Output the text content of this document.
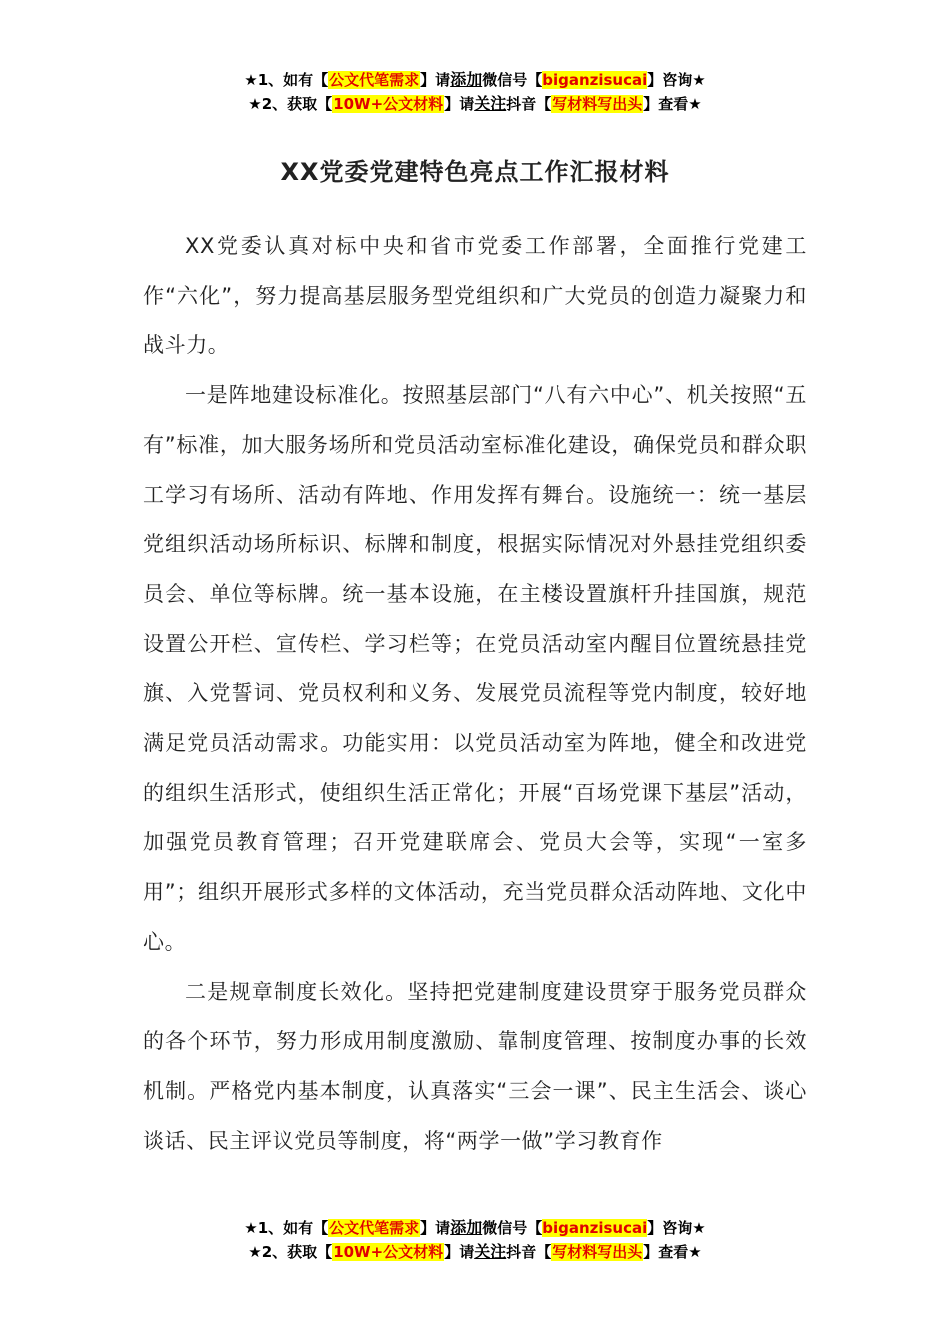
★1、如有【公文代笔需求】请添加微信号【biganzisucai】咨询★
★2、获取【10W+公文材料】请关注抖音【写材料写出头】查看★
XX党委党建特色亮点工作汇报材料

XX党委认真对标中央和省市党委工作部署，全面推行党建工作“六化”，努力提高基层服务型党组织和广大党员的创造力凝聚力和战斗力。

一是阵地建设标准化。按照基层部门“八有六中心”、机关按照“五有”标准，加大服务场所和党员活动室标准化建设，确保党员和群众职工学习有场所、活动有阵地、作用发挥有舞台。设施统一：统一基层党组织活动场所标识、标牌和制度，根据实际情况对外悬挂党组织委员会、单位等标牌。统一基本设施，在主楼设置旗杆升挂国旗，规范设置公开栏、宣传栏、学习栏等；在党员活动室内醒目位置统悬挂党旗、入党誓词、党员权利和义务、发展党员流程等党内制度，较好地满足党员活动需求。功能实用：以党员活动室为阵地，健全和改进党的组织生活形式，使组织生活正常化；开展“百场党课下基层”活动，加强党员教育管理；召开党建联席会、党员大会等，实现“一室多用”；组织开展形式多样的文体活动，充当党员群众活动阵地、文化中心。

二是规章制度长效化。坚持把党建制度建设贯穿于服务党员群众的各个环节，努力形成用制度激励、靠制度管理、按制度办事的长效机制。严格党内基本制度，认真落实“三会一课”、民主生活会、谈心谈话、民主评议党员等制度，将“两学一做”学习教育作

★1、如有【公文代笔需求】请添加微信号【biganzisucai】咨询★
★2、获取【10W+公文材料】请关注抖音【写材料写出头】查看★
